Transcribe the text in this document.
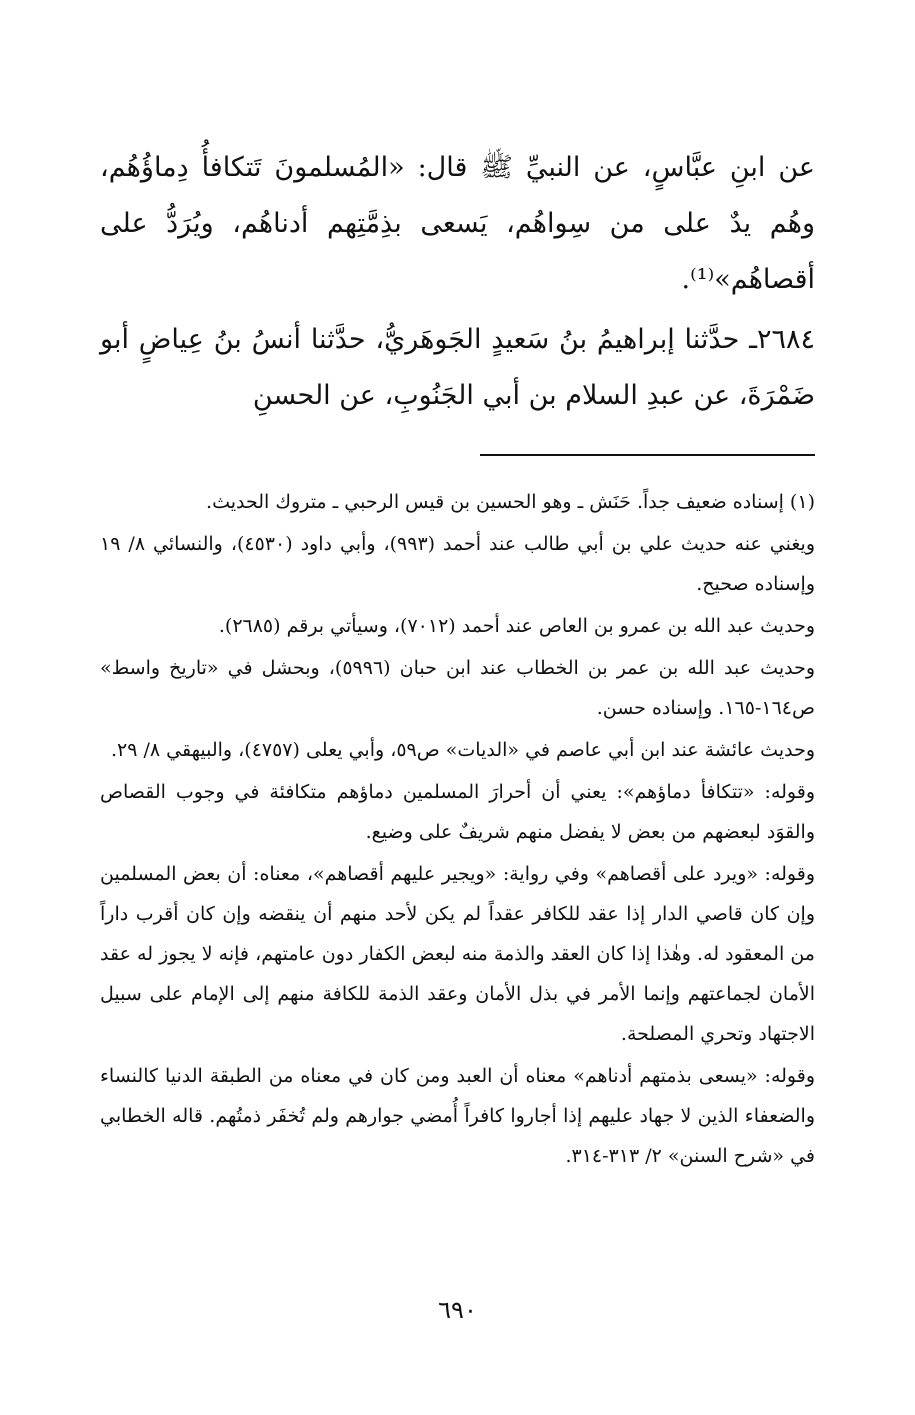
عن ابنِ عبَّاسٍ، عن النبيِّ ﷺ قال: «المُسلمونَ تَتكافأُ دِماؤُهُم، وهُم يدٌ على من سِواهُم، يَسعى بذِمَّتِهم أدناهُم، ويُرَدُّ على أقصاهُم»⁽¹⁾.

٢٦٨٤ـ حدَّثنا إبراهيمُ بنُ سَعيدٍ الجَوهَريُّ، حدَّثنا أنسُ بنُ عِياضٍ أبو ضَمْرَةَ، عن عبدِ السلام بن أبي الجَنُوبِ، عن الحسنِ

(١) إسناده ضعيف جداً. حَنَش ـ وهو الحسين بن قيس الرحبي ـ متروك الحديث.

ويغني عنه حديث علي بن أبي طالب عند أحمد (٩٩٣)، وأبي داود (٤٥٣٠)، والنسائي ٨/ ١٩ وإسناده صحيح.

وحديث عبد الله بن عمرو بن العاص عند أحمد (٧٠١٢)، وسيأتي برقم (٢٦٨٥).

وحديث عبد الله بن عمر بن الخطاب عند ابن حبان (٥٩٩٦)، وبحشل في «تاريخ واسط» ص١٦٤-١٦٥. وإسناده حسن.

وحديث عائشة عند ابن أبي عاصم في «الديات» ص٥٩، وأبي يعلى (٤٧٥٧)، والبيهقي ٨/ ٢٩.

وقوله: «تتكافأ دماؤهم»: يعني أن أحرارَ المسلمين دماؤهم متكافئة في وجوب القصاص والقوَد لبعضهم من بعض لا يفضل منهم شريفٌ على وضيع.

وقوله: «ويرد على أقصاهم» وفي رواية: «ويجير عليهم أقصاهم»، معناه: أن بعض المسلمين وإن كان قاصي الدار إذا عقد للكافر عقداً لم يكن لأحد منهم أن ينقضه وإن كان أقرب داراً من المعقود له. وهٰذا إذا كان العقد والذمة منه لبعض الكفار دون عامتهم، فإنه لا يجوز له عقد الأمان لجماعتهم وإنما الأمر في بذل الأمان وعقد الذمة للكافة منهم إلى الإمام على سبيل الاجتهاد وتحري المصلحة.

وقوله: «يسعى بذمتهم أدناهم» معناه أن العبد ومن كان في معناه من الطبقة الدنيا كالنساء والضعفاء الذين لا جهاد عليهم إذا أجاروا كافراً أُمضي جوارهم ولم تُخفَر ذمتُهم. قاله الخطابي في «شرح السنن» ٢/ ٣١٣-٣١٤.

٦٩٠
